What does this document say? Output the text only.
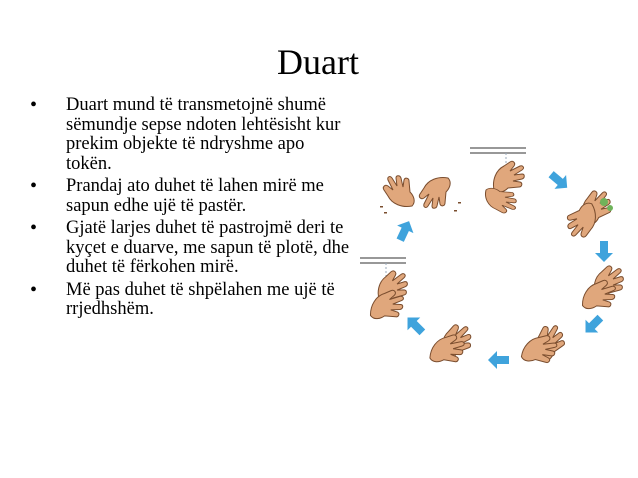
Duart
• Duart mund të transmetojnë shumë sëmundje sepse ndoten lehtësisht kur prekim objekte të ndryshme apo tokën.
• Prandaj ato duhet të lahen mirë me sapun edhe ujë të pastër.
• Gjatë larjes duhet të pastrojmë deri te kyçet e duarve, me sapun të plotë, dhe duhet të fërkohen mirë.
• Më pas duhet të shpëlahen me ujë të rrjedhshëm.
